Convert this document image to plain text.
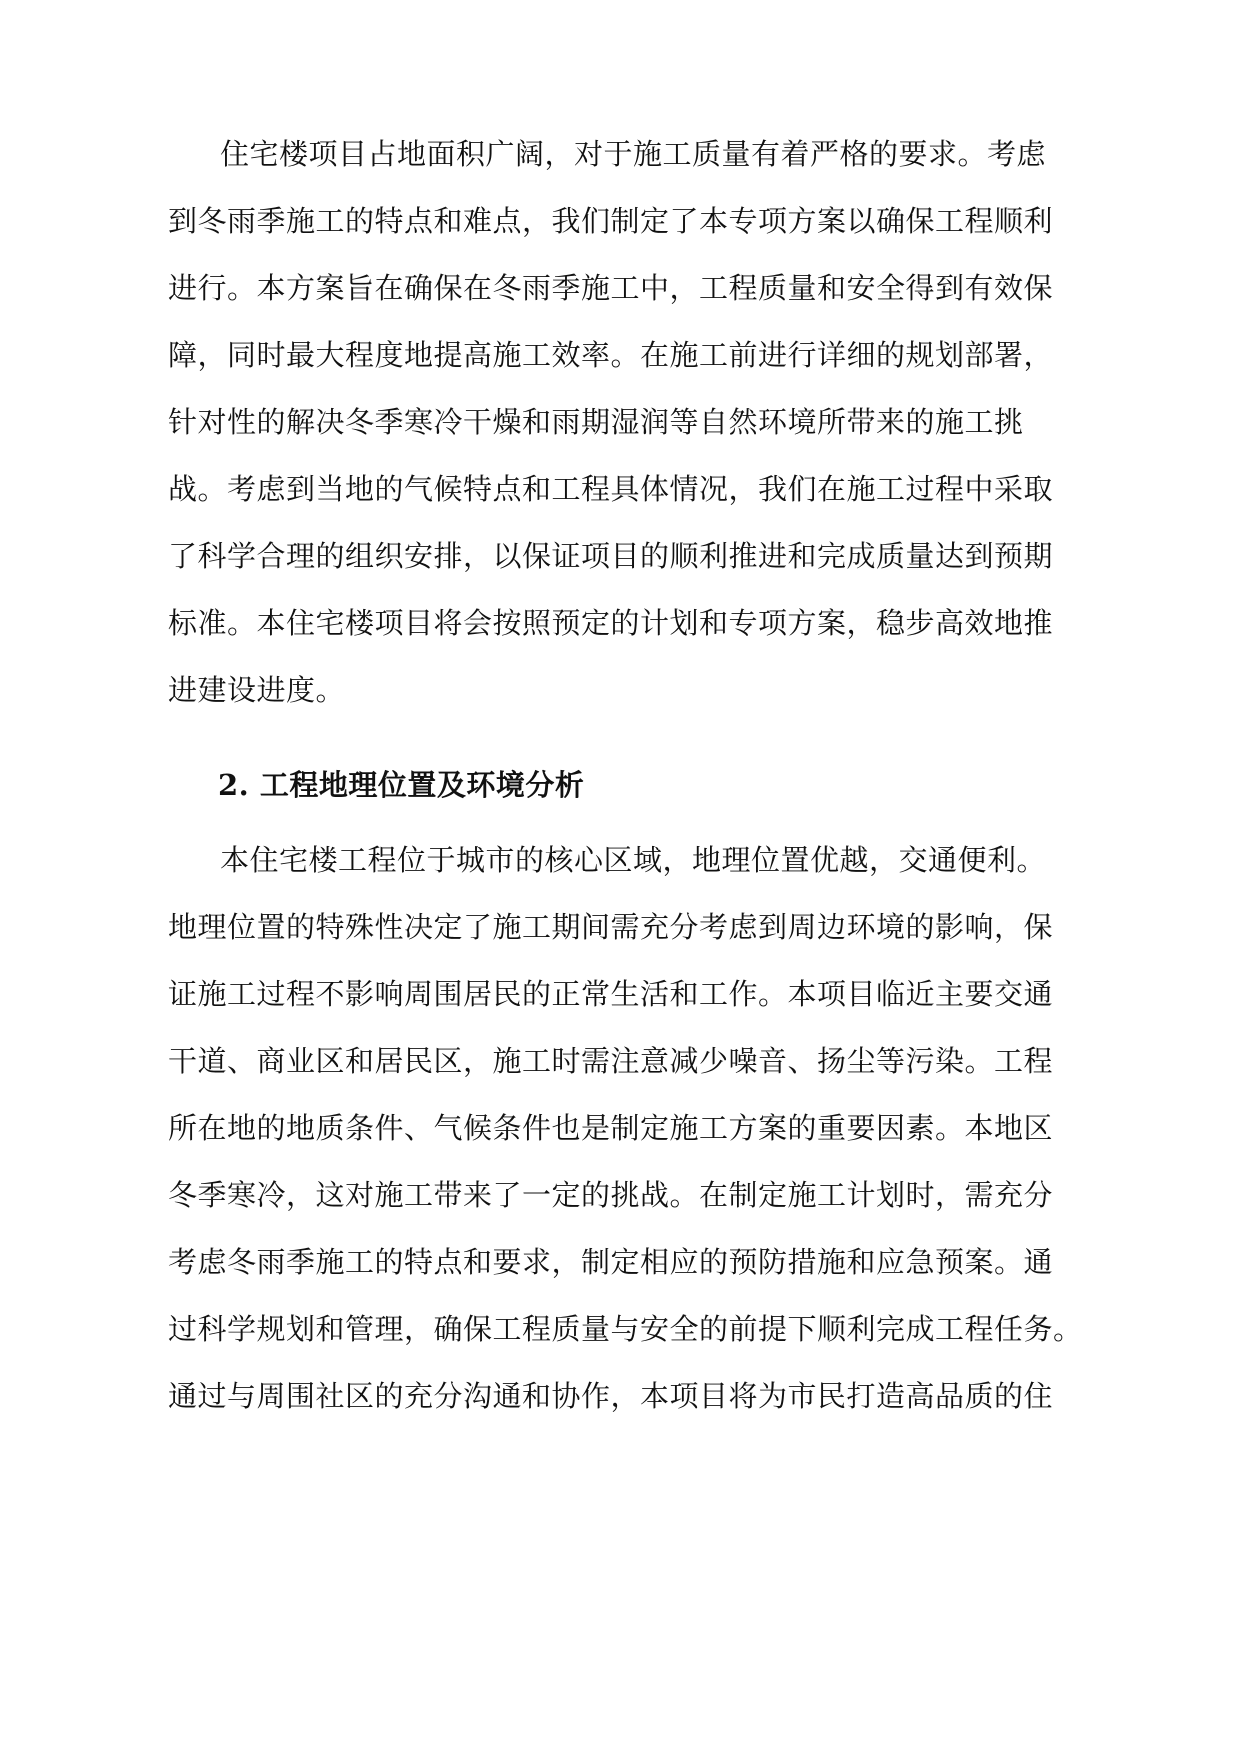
住宅楼项目占地面积广阔，对于施工质量有着严格的要求。考虑
到冬雨季施工的特点和难点，我们制定了本专项方案以确保工程顺利
进行。本方案旨在确保在冬雨季施工中，工程质量和安全得到有效保
障，同时最大程度地提高施工效率。在施工前进行详细的规划部署，
针对性的解决冬季寒冷干燥和雨期湿润等自然环境所带来的施工挑
战。考虑到当地的气候特点和工程具体情况，我们在施工过程中采取
了科学合理的组织安排，以保证项目的顺利推进和完成质量达到预期
标准。本住宅楼项目将会按照预定的计划和专项方案，稳步高效地推
进建设进度。
2. 工程地理位置及环境分析
本住宅楼工程位于城市的核心区域，地理位置优越，交通便利。
地理位置的特殊性决定了施工期间需充分考虑到周边环境的影响，保
证施工过程不影响周围居民的正常生活和工作。本项目临近主要交通
干道、商业区和居民区，施工时需注意减少噪音、扬尘等污染。工程
所在地的地质条件、气候条件也是制定施工方案的重要因素。本地区
冬季寒冷，这对施工带来了一定的挑战。在制定施工计划时，需充分
考虑冬雨季施工的特点和要求，制定相应的预防措施和应急预案。通
过科学规划和管理，确保工程质量与安全的前提下顺利完成工程任务。
通过与周围社区的充分沟通和协作，本项目将为市民打造高品质的住
